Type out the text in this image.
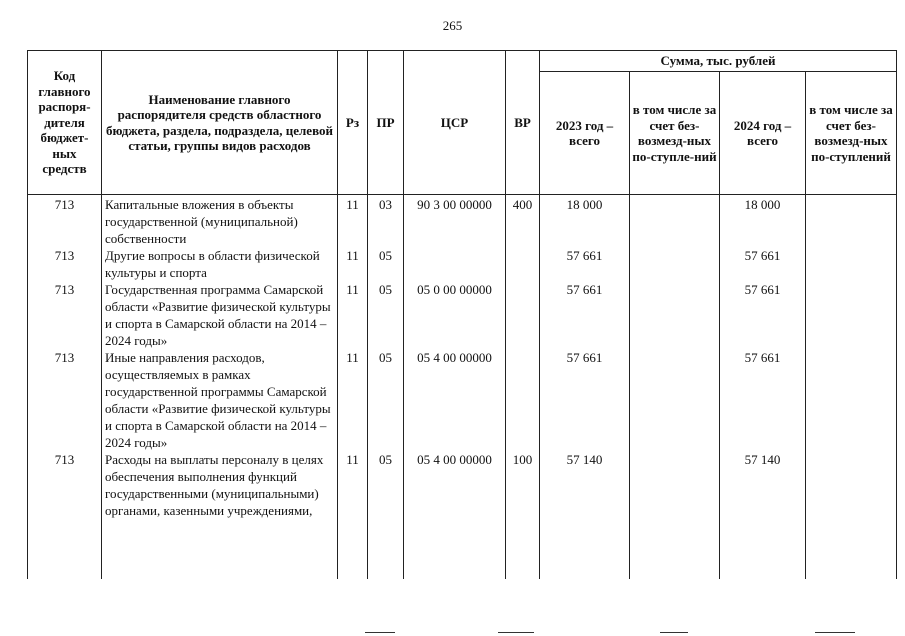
265
Код главного распоря-дителя бюджет-ных средств	Наименование главного распорядителя средств областного бюджета, раздела, подраздела, целевой статьи, группы видов расходов	Рз	ПР	ЦСР	ВР	Сумма, тыс. рублей			
						2023 год – всего	в том числе за счет без-возмезд-ных по-ступле-ний	2024 год – всего	в том числе за счет без-возмезд-ных по-ступлений
713	Капитальные вложения в объекты государственной (муниципальной) собственности	11	03	90 3 00 00000	400	18 000		18 000	
713	Другие вопросы в области физической культуры и спорта	11	05			57 661		57 661	
713	Государственная программа Самарской области «Развитие физической культуры и спорта в Самарской области на 2014 – 2024 годы»	11	05	05 0 00 00000		57 661		57 661	
713	Иные направления расходов, осуществляемых в рамках государственной программы Самарской области «Развитие физической культуры и спорта в Самарской области на 2014 – 2024 годы»	11	05	05 4 00 00000		57 661		57 661	
713	Расходы на выплаты персоналу в целях обеспечения выполнения функций государственными (муниципальными) органами, казенными учреждениями,	11	05	05 4 00 00000	100	57 140		57 140	
